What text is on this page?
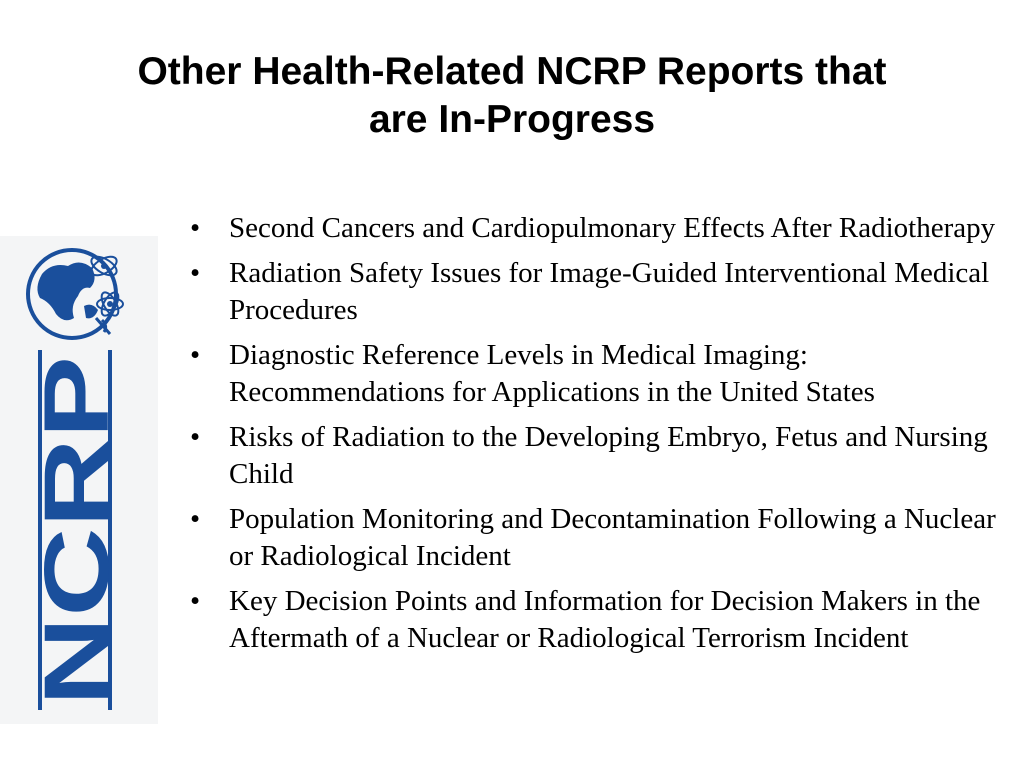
Other Health-Related NCRP Reports that
are In-Progress
NCRP
• Second Cancers and Cardiopulmonary Effects After Radiotherapy
• Radiation Safety Issues for Image-Guided Interventional Medical Procedures
• Diagnostic Reference Levels in Medical Imaging: Recommendations for Applications in the United States
• Risks of Radiation to the Developing Embryo, Fetus and Nursing Child
• Population Monitoring and Decontamination Following a Nuclear or Radiological Incident
• Key Decision Points and Information for Decision Makers in the Aftermath of a Nuclear or Radiological Terrorism Incident
